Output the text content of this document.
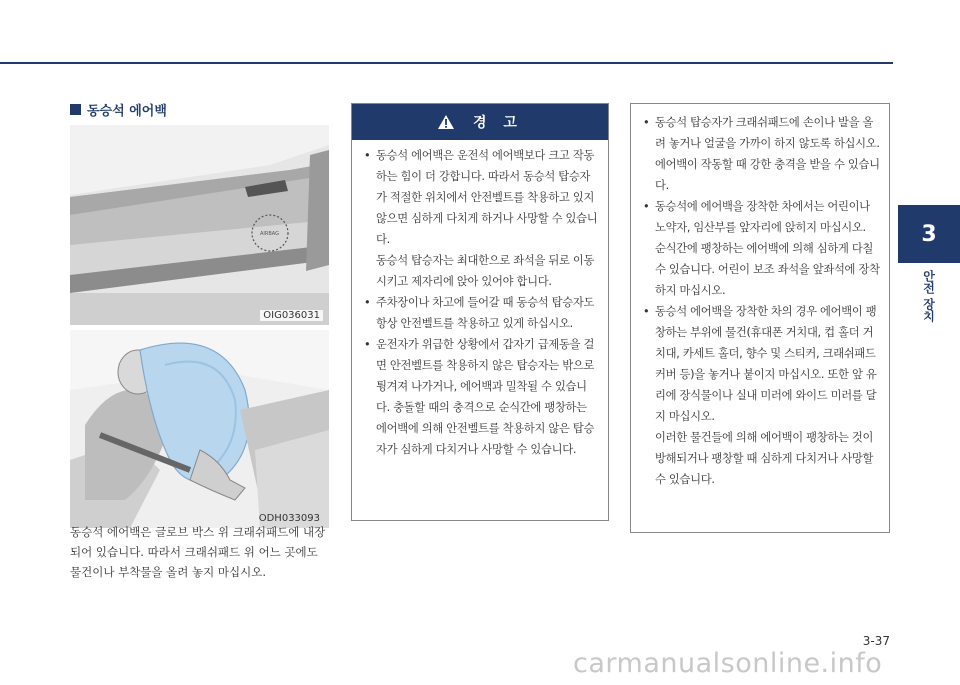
3
안전 장치
동승석 에어백
AIRBAG
OIG036031
ODH033093
동승석 에어백은 글로브 박스 위 크래쉬패드에 내장되어 있습니다. 따라서 크래쉬패드 위 어느 곳에도 물건이나 부착물을 올려 놓지 마십시오.
경 고
• 동승석 에어백은 운전석 에어백보다 크고 작동하는 힘이 더 강합니다. 따라서 동승석 탑승자가 적절한 위치에서 안전벨트를 착용하고 있지 않으면 심하게 다치게 하거나 사망할 수 있습니다.
동승석 탑승자는 최대한으로 좌석을 뒤로 이동시키고 제자리에 앉아 있어야 합니다.
• 주차장이나 차고에 들어갈 때 동승석 탑승자도 항상 안전벨트를 착용하고 있게 하십시오.
• 운전자가 위급한 상황에서 갑자기 급제동을 걸면 안전벨트를 착용하지 않은 탑승자는 밖으로 튕겨져 나가거나, 에어백과 밀착될 수 있습니다. 충돌할 때의 충격으로 순식간에 팽창하는 에어백에 의해 안전벨트를 착용하지 않은 탑승자가 심하게 다치거나 사망할 수 있습니다.
• 동승석 탑승자가 크래쉬패드에 손이나 발을 올려 놓거나 얼굴을 가까이 하지 않도록 하십시오. 에어백이 작동할 때 강한 충격을 받을 수 있습니다.
• 동승석에 에어백을 장착한 차에서는 어린이나 노약자, 임산부를 앞자리에 앉히지 마십시오.
순식간에 팽창하는 에어백에 의해 심하게 다칠 수 있습니다. 어린이 보조 좌석을 앞좌석에 장착하지 마십시오.
• 동승석 에어백을 장착한 차의 경우 에어백이 팽창하는 부위에 물건(휴대폰 거치대, 컵 홀더 거치대, 카세트 홀더, 향수 및 스티커, 크래쉬패드 커버 등)을 놓거나 붙이지 마십시오. 또한 앞 유리에 장식물이나 실내 미러에 와이드 미러를 달지 마십시오.
이러한 물건들에 의해 에어백이 팽창하는 것이 방해되거나 팽창할 때 심하게 다치거나 사망할 수 있습니다.
3-37
carmanualsonline.info
